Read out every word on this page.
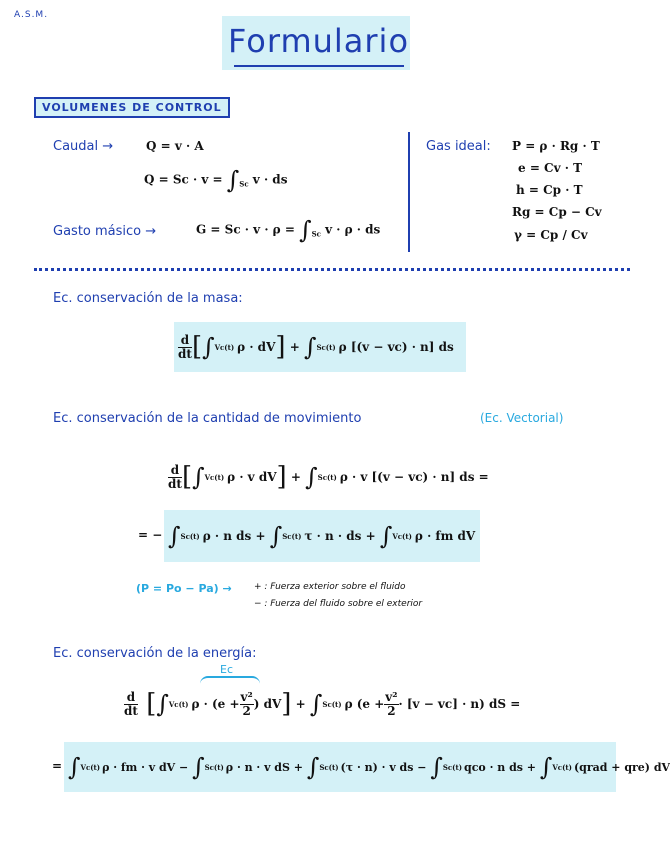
A.S.M.
Formulario
VOLUMENES DE CONTROL
Caudal →	Q = v · A
$Q = Sc \cdot v = \int_{Sc}$ v · ds
Gasto másico →	$G = Sc \cdot v \cdot \rho = \int_{Sc}$ v · ρ · ds
Gas ideal: P = ρ · Rg · T
e = Cv · T
h = Cp · T
Rg = Cp − Cv
γ = Cp / Cv
Ec. conservación de la masa:
$\frac{d}{dt}$ [ ∫ Vc(t) ρ · dV ] + ∫ Sc(t) ρ [(v − vc) · n] ds
Ec. conservación de la cantidad de movimiento	(Ec. Vectorial)
$\frac{d}{dt}$ [ ∫ Vc(t) ρ · v dV ] + ∫ Sc(t) ρ · v [(v − vc) · n] ds =
= − ∫ Sc(t) ρ · n ds +
∫ Sc(t) τ · n · ds +
∫ Vc(t) ρ · fm dV
(P = Po − Pa) → + : Fuerza exterior sobre el fluido
− : Fuerza del fluido sobre el exterior
Ec. conservación de la energía:
Ec
$\frac{d}{dt}$ [ ∫ Vc(t) $\rho \cdot (e + \frac{\text{v²}}{2}$ ) dV ] + ∫ Sc(t) ρ $(e + \frac{\text{v²}}{2} \cdot [v - vc] \cdot n)$ dS =
= ∫ Vc(t) ρ · fm · v dV −
∫ Sc(t) ρ · n · v dS +
∫ Sc(t) (τ · n) · v ds −
∫ Sc(t) qco · n ds +
∫ Vc(t) (qrad + qre) dV
